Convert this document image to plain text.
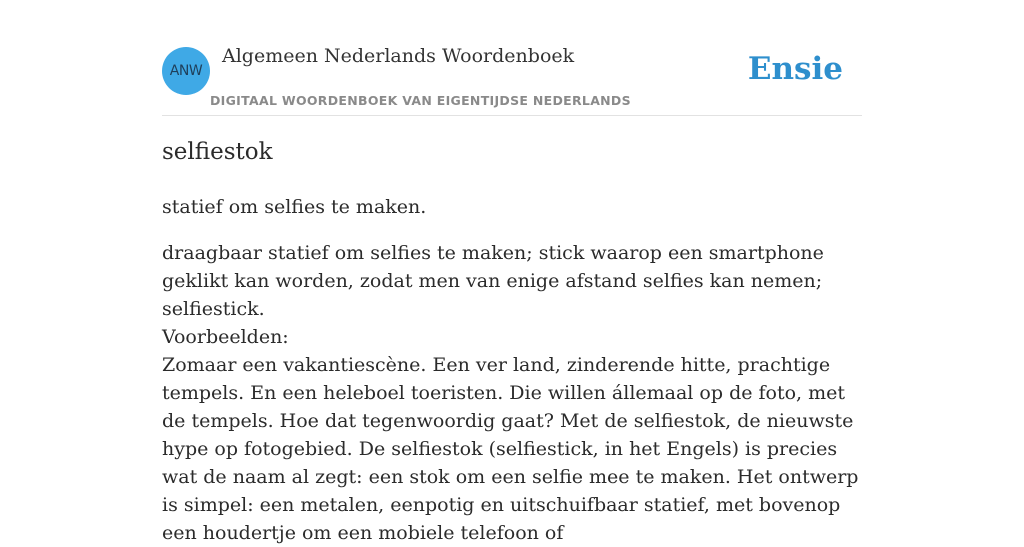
ANW
Algemeen Nederlands Woordenboek
DIGITAAL WOORDENBOEK VAN EIGENTIJDSE NEDERLANDS
Ensie
selfiestok

statief om selfies te maken.

draagbaar statief om selfies te maken; stick waarop een smartphone geklikt kan worden, zodat men van enige afstand selfies kan nemen; selfiestick.

Voorbeelden:

Zomaar een vakantiescène. Een ver land, zinderende hitte, prachtige tempels. En een heleboel toeristen. Die willen állemaal op de foto, met de tempels. Hoe dat tegenwoordig gaat? Met de selfiestok, de nieuwste hype op fotogebied. De selfiestok (selfiestick, in het Engels) is precies wat de naam al zegt: een stok om een selfie mee te maken. Het ontwerp is simpel: een metalen, eenpotig en uitschuifbaar statief, met bovenop een houdertje om een mobiele telefoon of
